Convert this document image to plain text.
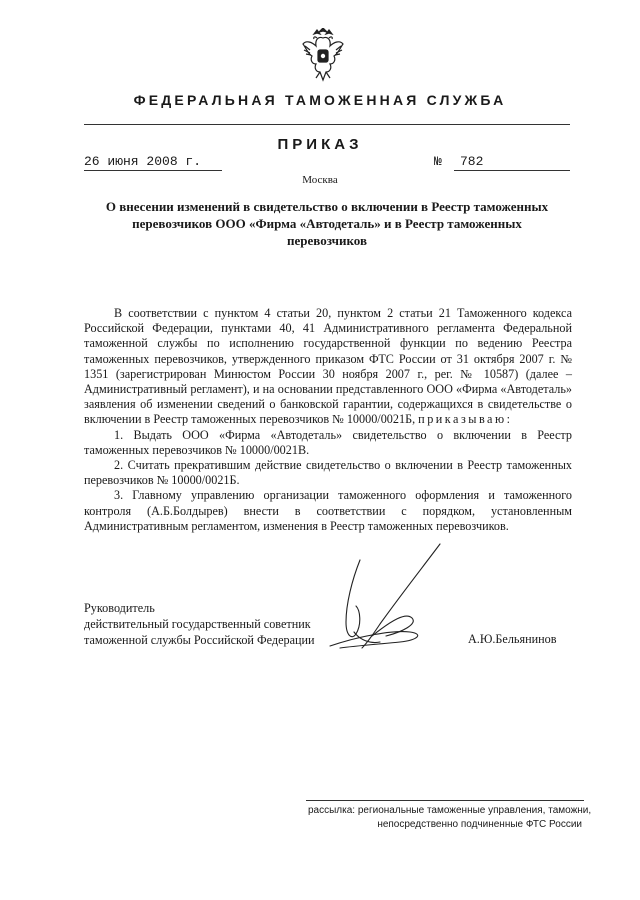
ФЕДЕРАЛЬНАЯ ТАМОЖЕННАЯ СЛУЖБА
ПРИКАЗ
26 июня 2008 г.	№ 782
Москва
О внесении изменений в свидетельство о включении в Реестр таможенных перевозчиков ООО «Фирма «Автодеталь» и в Реестр таможенных перевозчиков

В соответствии с пунктом 4 статьи 20, пунктом 2 статьи 21 Таможенного кодекса Российской Федерации, пунктами 40, 41 Административного регламента Федеральной таможенной службы по исполнению государственной функции по ведению Реестра таможенных перевозчиков, утвержденного приказом ФТС России от 31 октября 2007 г. № 1351 (зарегистрирован Минюстом России 30 ноября 2007 г., рег. № 10587) (далее – Административный регламент), и на основании представленного ООО «Фирма «Автодеталь» заявления об изменении сведений о банковской гарантии, содержащихся в свидетельстве о включении в Реестр таможенных перевозчиков № 10000/0021Б, приказываю:

1. Выдать ООО «Фирма «Автодеталь» свидетельство о включении в Реестр таможенных перевозчиков № 10000/0021В.

2. Считать прекратившим действие свидетельство о включении в Реестр таможенных перевозчиков № 10000/0021Б.

3. Главному управлению организации таможенного оформления и таможенного контроля (А.Б.Болдырев) внести в соответствии с порядком, установленным Административным регламентом, изменения в Реестр таможенных перевозчиков.

Руководитель
действительный государственный советник
таможенной службы Российской Федерации	А.Ю.Бельянинов
рассылка: региональные таможенные управления, таможни,
непосредственно подчиненные ФТС России
